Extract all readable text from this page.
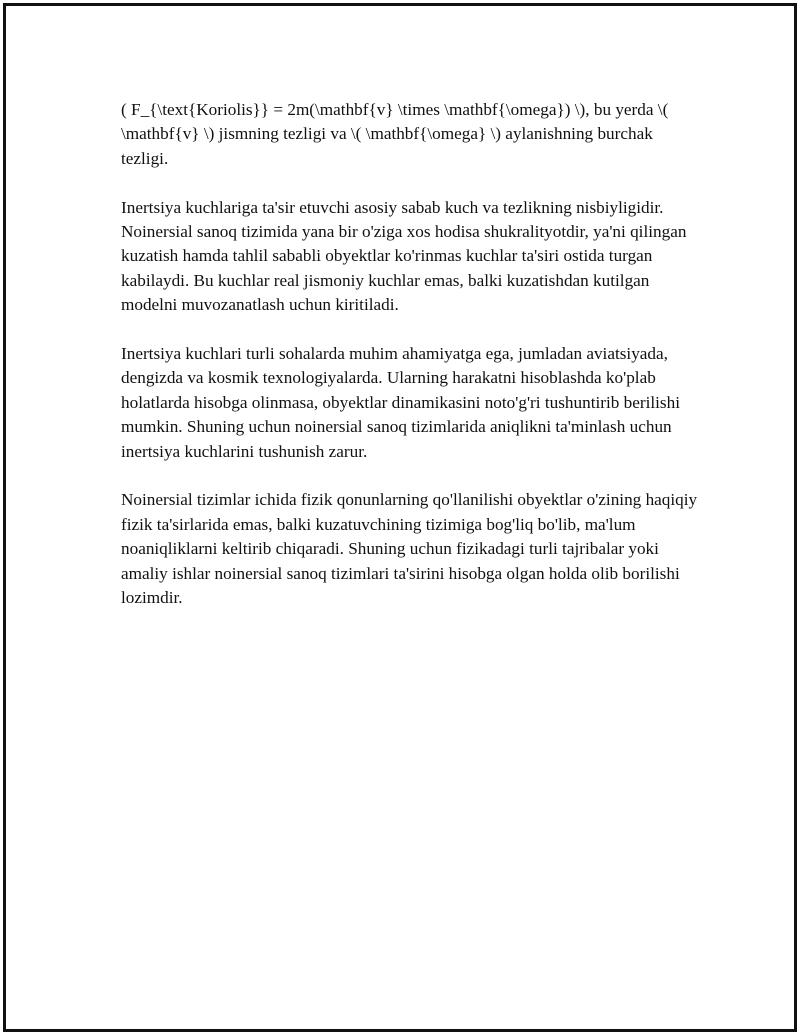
( F_{\text{Koriolis}} = 2m(\mathbf{v} \times \mathbf{\omega}) \), bu yerda \( \mathbf{v} \) jismning tezligi va \( \mathbf{\omega} \) aylanishning burchak tezligi.

Inertsiya kuchlariga ta'sir etuvchi asosiy sabab kuch va tezlikning nisbiyligidir. Noinersial sanoq tizimida yana bir o'ziga xos hodisa shukralityotdir, ya'ni qilingan kuzatish hamda tahlil sababli obyektlar ko'rinmas kuchlar ta'siri ostida turgan kabilaydi. Bu kuchlar real jismoniy kuchlar emas, balki kuzatishdan kutilgan modelni muvozanatlash uchun kiritiladi.

Inertsiya kuchlari turli sohalarda muhim ahamiyatga ega, jumladan aviatsiyada, dengizda va kosmik texnologiyalarda. Ularning harakatni hisoblashda ko'plab holatlarda hisobga olinmasa, obyektlar dinamikasini noto'g'ri tushuntirib berilishi mumkin. Shuning uchun noinersial sanoq tizimlarida aniqlikni ta'minlash uchun inertsiya kuchlarini tushunish zarur.

Noinersial tizimlar ichida fizik qonunlarning qo'llanilishi obyektlar o'zining haqiqiy fizik ta'sirlarida emas, balki kuzatuvchining tizimiga bog'liq bo'lib, ma'lum noaniqliklarni keltirib chiqaradi. Shuning uchun fizikadagi turli tajribalar yoki amaliy ishlar noinersial sanoq tizimlari ta'sirini hisobga olgan holda olib borilishi lozimdir.
